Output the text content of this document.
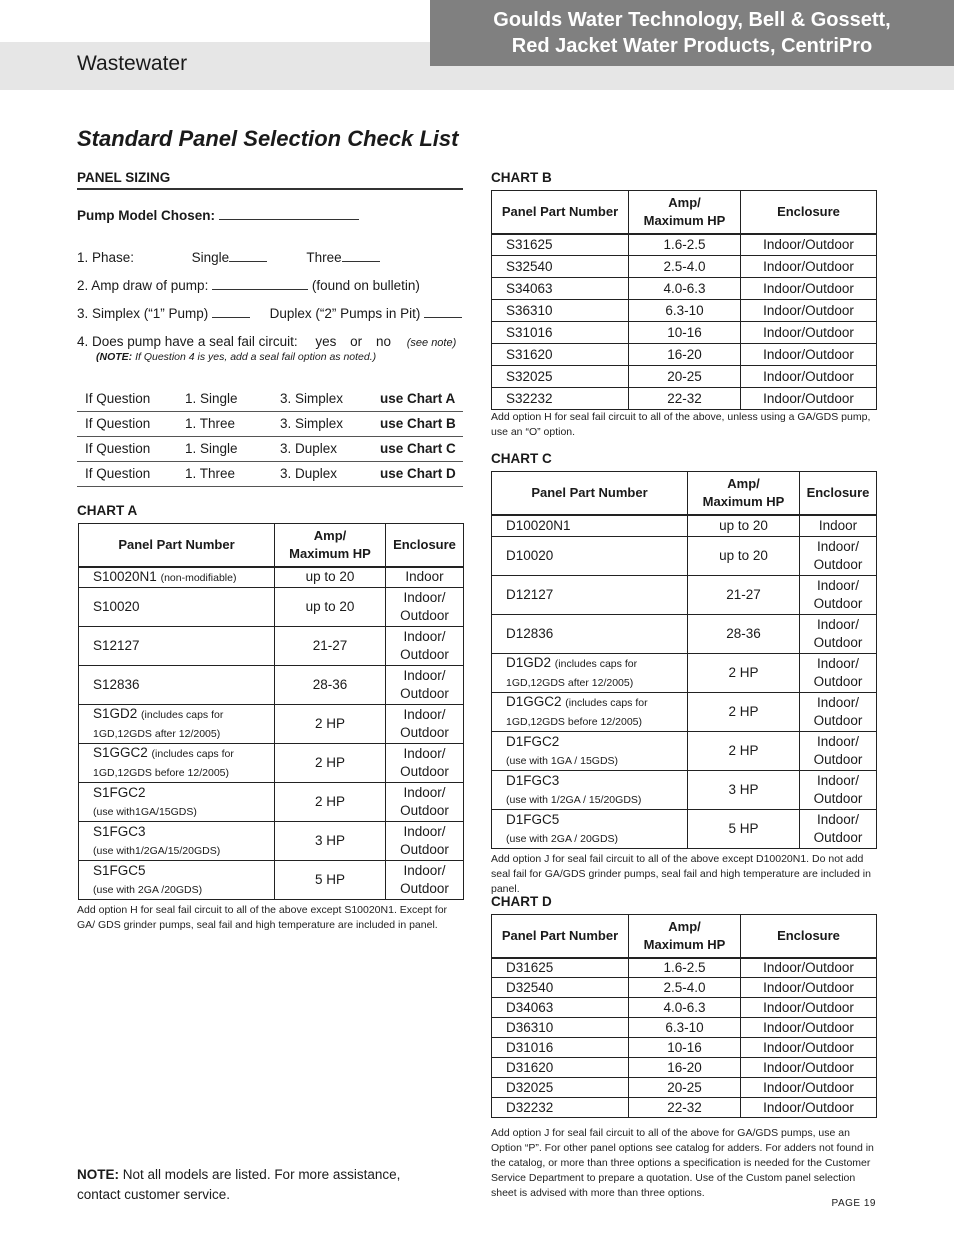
Wastewater
Goulds Water Technology, Bell & Gossett,
Red Jacket Water Products, CentriPro
Standard Panel Selection Check List
PANEL SIZING
Pump Model Chosen:
1. Phase:	Single	Three
2. Amp draw of pump:	(found on bulletin)
3. Simplex (“1” Pump)	Duplex (“2” Pumps in Pit)
4. Does pump have a seal fail circuit: yes or no (see note)
(NOTE: If Question 4 is yes, add a seal fail option as noted.)
If Question	1. Single	3. Simplex	use Chart A
If Question	1. Three	3. Simplex	use Chart B
If Question	1. Single	3. Duplex	use Chart C
If Question	1. Three	3. Duplex	use Chart D
CHART A
Panel Part Number	Amp/
Maximum HP	Enclosure
S10020N1 (non-modifiable)	up to 20	Indoor
S10020	up to 20	Indoor/
Outdoor
S12127	21-27	Indoor/
Outdoor
S12836	28-36	Indoor/
Outdoor
S1GD2 (includes caps for
1GD,12GDS after 12/2005)	2 HP	Indoor/
Outdoor
S1GGC2 (includes caps for
1GD,12GDS before 12/2005)	2 HP	Indoor/
Outdoor
S1FGC2
(use with1GA/15GDS)	2 HP	Indoor/
Outdoor
S1FGC3
(use with1/2GA/15/20GDS)	3 HP	Indoor/
Outdoor
S1FGC5
(use with 2GA /20GDS)	5 HP	Indoor/
Outdoor
Add option H for seal fail circuit to all of the above except S10020N1. Except for GA/ GDS grinder pumps, seal fail and high temperature are included in panel.
NOTE: Not all models are listed. For more assistance,
contact customer service.
CHART B
Panel Part Number	Amp/
Maximum HP	Enclosure
S31625	1.6-2.5	Indoor/Outdoor
S32540	2.5-4.0	Indoor/Outdoor
S34063	4.0-6.3	Indoor/Outdoor
S36310	6.3-10	Indoor/Outdoor
S31016	10-16	Indoor/Outdoor
S31620	16-20	Indoor/Outdoor
S32025	20-25	Indoor/Outdoor
S32232	22-32	Indoor/Outdoor
Add option H for seal fail circuit to all of the above, unless using a GA/GDS pump, use an “O” option.
CHART C
Panel Part Number	Amp/
Maximum HP	Enclosure
D10020N1	up to 20	Indoor
D10020	up to 20	Indoor/
Outdoor
D12127	21-27	Indoor/
Outdoor
D12836	28-36	Indoor/
Outdoor
D1GD2 (includes caps for
1GD,12GDS after 12/2005)	2 HP	Indoor/
Outdoor
D1GGC2 (includes caps for
1GD,12GDS before 12/2005)	2 HP	Indoor/
Outdoor
D1FGC2
(use with 1GA / 15GDS)	2 HP	Indoor/
Outdoor
D1FGC3
(use with 1/2GA / 15/20GDS)	3 HP	Indoor/
Outdoor
D1FGC5
(use with 2GA / 20GDS)	5 HP	Indoor/
Outdoor
Add option J for seal fail circuit to all of the above except D10020N1. Do not add seal fail for GA/GDS grinder pumps, seal fail and high temperature are included in panel.
CHART D
Panel Part Number	Amp/
Maximum HP	Enclosure
D31625	1.6-2.5	Indoor/Outdoor
D32540	2.5-4.0	Indoor/Outdoor
D34063	4.0-6.3	Indoor/Outdoor
D36310	6.3-10	Indoor/Outdoor
D31016	10-16	Indoor/Outdoor
D31620	16-20	Indoor/Outdoor
D32025	20-25	Indoor/Outdoor
D32232	22-32	Indoor/Outdoor
Add option J for seal fail circuit to all of the above for GA/GDS pumps, use an Option “P”. For other panel options see catalog for adders. For adders not found in the catalog, or more than three options a specification is needed for the Customer Service Department to prepare a quotation. Use of the Custom panel selection sheet is advised with more than three options.
PAGE 19
